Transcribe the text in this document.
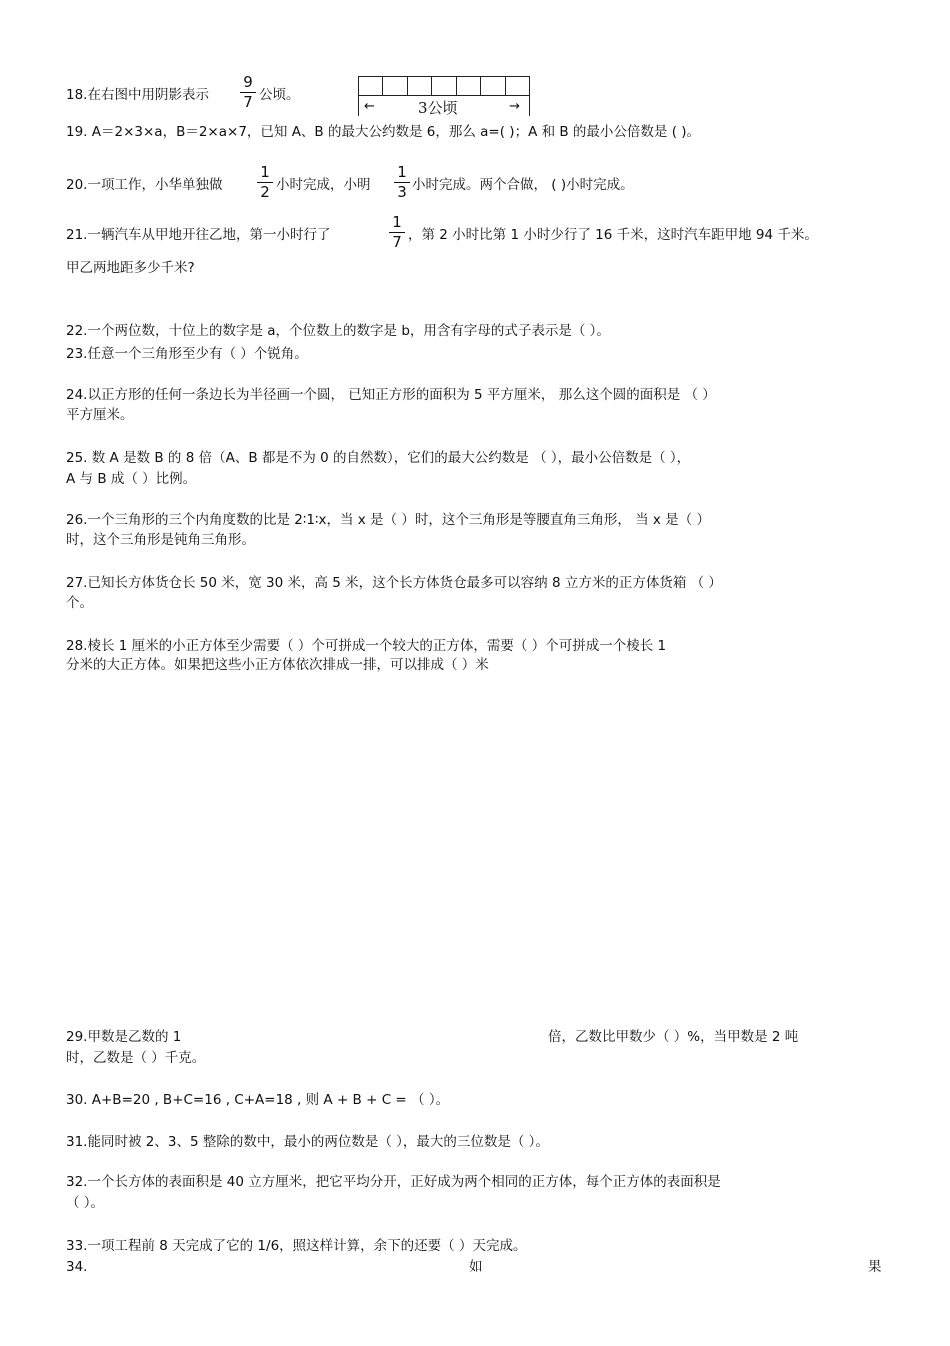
18.在右图中用阴影表示
9
7 公顷。
←	3公顷	→
19. A＝2×3×a，B＝2×a×7，已知 A、B 的最大公约数是 6，那么 a=( )；A 和 B 的最小公倍数是 ( )。
20.一项工作，小华单独做
1
2 小时完成，小明
1
3 小时完成。两个合做， ( )小时完成。
21.一辆汽车从甲地开往乙地，第一小时行了
1
7 ，第 2 小时比第 1 小时少行了 16 千米，这时汽车距甲地 94 千米。
甲乙两地距多少千米?
22.一个两位数，十位上的数字是 a，个位数上的数字是 b，用含有字母的式子表示是（ ）。
23.任意一个三角形至少有（ ）个锐角。
24.以正方形的任何一条边长为半径画一个圆， 已知正方形的面积为 5 平方厘米， 那么这个圆的面积是 （ ）
平方厘米。
25. 数 A 是数 B 的 8 倍（A、B 都是不为 0 的自然数），它们的最大公约数是 （ ），最小公倍数是（ ），
A 与 B 成（ ）比例。
26.一个三角形的三个内角度数的比是 2∶1∶x，当 x 是（ ）时，这个三角形是等腰直角三角形， 当 x 是（ ）
时，这个三角形是钝角三角形。
27.已知长方体货仓长 50 米，宽 30 米，高 5 米，这个长方体货仓最多可以容纳 8 立方米的正方体货箱 （ ）
个。
28.棱长 1 厘米的小正方体至少需要（ ）个可拼成一个较大的正方体，需要（ ）个可拼成一个棱长 1
分米的大正方体。如果把这些小正方体依次排成一排，可以排成（ ）米
29.甲数是乙数的 1	倍，乙数比甲数少（ ）%，当甲数是 2 吨
时，乙数是（ ）千克。
30. A+B=20 , B+C=16 , C+A=18 , 则 A + B + C = （ ）。
31.能同时被 2、3、5 整除的数中，最小的两位数是（ ），最大的三位数是（ ）。
32.一个长方体的表面积是 40 立方厘米，把它平均分开，正好成为两个相同的正方体，每个正方体的表面积是
（ ）。
33.一项工程前 8 天完成了它的 1/6，照这样计算，余下的还要（ ）天完成。
34.	如	果
